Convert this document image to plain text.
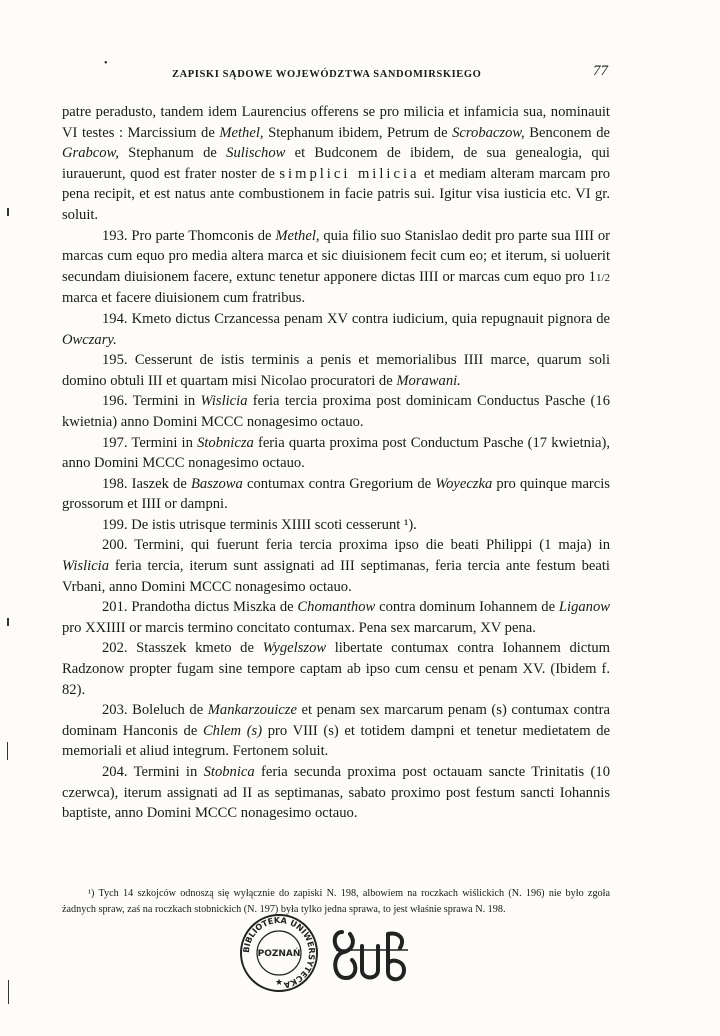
•
ZAPISKI SĄDOWE WOJEWÓDZTWA SANDOMIRSKIEGO	77

patre peradusto, tandem idem Laurencius offerens se pro milicia et infamicia sua, nominauit VI testes : Marcissium de Methel, Stephanum ibidem, Petrum de Scrobaczow, Benconem de Grabcow, Stephanum de Sulischow et Budconem de ibidem, de sua genealogia, qui iurauerunt, quod est frater noster de simplici milicia et mediam alteram marcam pro pena recipit, et est natus ante combustionem in facie patris sui. Igitur visa iusticia etc. VI gr. soluit.

193. Pro parte Thomconis de Methel, quia filio suo Stanislao dedit pro parte sua IIII or marcas cum equo pro media altera marca et sic diuisionem fecit cum eo; et iterum, si uoluerit secundam diuisionem facere, extunc tenetur apponere dictas IIII or marcas cum equo pro 11/2 marca et facere diuisionem cum fratribus.

194. Kmeto dictus Crzancessa penam XV contra iudicium, quia repugnauit pignora de Owczary.

195. Cesserunt de istis terminis a penis et memorialibus IIII marce, quarum soli domino obtuli III et quartam misi Nicolao procuratori de Morawani.

196. Termini in Wislicia feria tercia proxima post dominicam Conductus Pasche (16 kwietnia) anno Domini MCCC nonagesimo octauo.

197. Termini in Stobnicza feria quarta proxima post Conductum Pasche (17 kwietnia), anno Domini MCCC nonagesimo octauo.

198. Iaszek de Baszowa contumax contra Gregorium de Woyeczka pro quinque marcis grossorum et IIII or dampni.

199. De istis utrisque terminis XIIII scoti cesserunt ¹).

200. Termini, qui fuerunt feria tercia proxima ipso die beati Philippi (1 maja) in Wislicia feria tercia, iterum sunt assignati ad III septimanas, feria tercia ante festum beati Vrbani, anno Domini MCCC nonagesimo octauo.

201. Prandotha dictus Miszka de Chomanthow contra dominum Iohannem de Liganow pro XXIIII or marcis termino concitato contumax. Pena sex marcarum, XV pena.

202. Stasszek kmeto de Wygelszow libertate contumax contra Iohannem dictum Radzonow propter fugam sine tempore captam ab ipso cum censu et penam XV. (Ibidem f. 82).

203. Boleluch de Mankarzouicze et penam sex marcarum penam (s) contumax contra dominam Hanconis de Chlem (s) pro VIII (s) et totidem dampni et tenetur medietatem de memoriali et aliud integrum. Fertonem soluit.

204. Termini in Stobnica feria secunda proxima post octauam sancte Trinitatis (10 czerwca), iterum assignati ad II as septimanas, sabato proximo post festum sancti Iohannis baptiste, anno Domini MCCC nonagesimo octauo.

¹) Tych 14 szkojców odnoszą się wyłącznie do zapiski N. 198, albowiem na roczkach wiślickich (N. 196) nie było zgoła żadnych spraw, zaś na roczkach stobnickich (N. 197) była tylko jedna sprawa, to jest właśnie sprawa N. 198.

BIBLIOTEKA UNIWERSYTECKA
POZNAŃ
★
